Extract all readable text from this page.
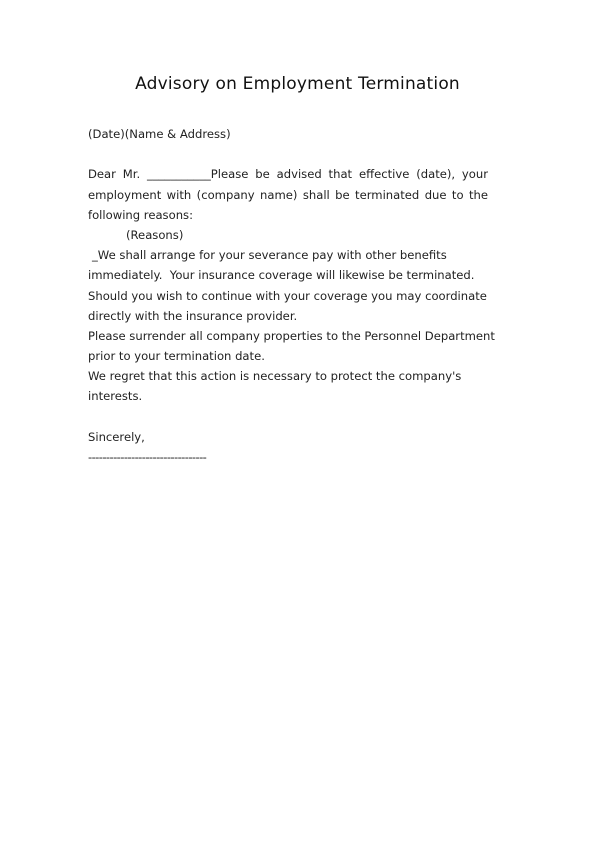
Advisory on Employment Termination
(Date)(Name & Address)
Dear Mr. ___________Please be advised that effective (date), your
employment with (company name) shall be terminated due to the
following reasons:
(Reasons)
_We shall arrange for your severance pay with other benefits
immediately.  Your insurance coverage will likewise be terminated.
Should you wish to continue with your coverage you may coordinate
directly with the insurance provider.
Please surrender all company properties to the Personnel Department
prior to your termination date.
We regret that this action is necessary to protect the company's
interests.
Sincerely,
---------------------------------
